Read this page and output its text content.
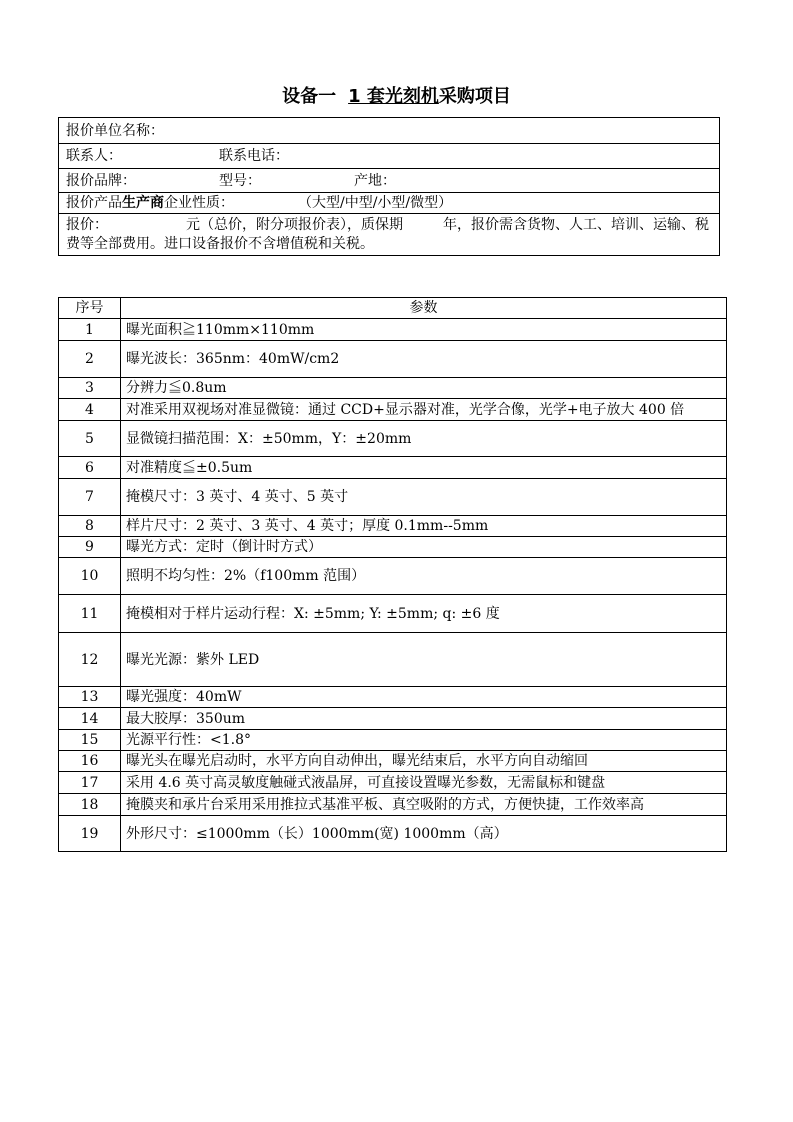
设备一 1 套光刻机采购项目
报价单位名称：
联系人：	联系电话：
报价品牌：	型号：	产地：
报价产品生产商企业性质：	（大型/中型/小型/微型）
报价：	元（总价，附分项报价表），质保期	年，报价需含货物、人工、培训、运输、税费等全部费用。进口设备报价不含增值税和关税。
序号	参数
1	曝光面积≧110mm×110mm
2	曝光波长：365nm：40mW/cm2
3	分辨力≦0.8um
4	对准采用双视场对准显微镜：通过 CCD+显示器对准，光学合像，光学+电子放大 400 倍
5	显微镜扫描范围：X：±50mm，Y：±20mm
6	对准精度≦±0.5um
7	掩模尺寸：3 英寸、4 英寸、5 英寸
8	样片尺寸：2 英寸、3 英寸、4 英寸；厚度 0.1mm--5mm
9	曝光方式：定时（倒计时方式）
10	照明不均匀性：2%（f100mm 范围）
11	掩模相对于样片运动行程：X: ±5mm; Y: ±5mm; q: ±6 度
12	曝光光源：紫外 LED
13	曝光强度：40mW
14	最大胶厚：350um
15	光源平行性：<1.8°
16	曝光头在曝光启动时，水平方向自动伸出，曝光结束后，水平方向自动缩回
17	采用 4.6 英寸高灵敏度触碰式液晶屏，可直接设置曝光参数，无需鼠标和键盘
18	掩膜夹和承片台采用采用推拉式基准平板、真空吸附的方式，方便快捷，工作效率高
19	外形尺寸：≤1000mm（长）1000mm(宽) 1000mm（高）
